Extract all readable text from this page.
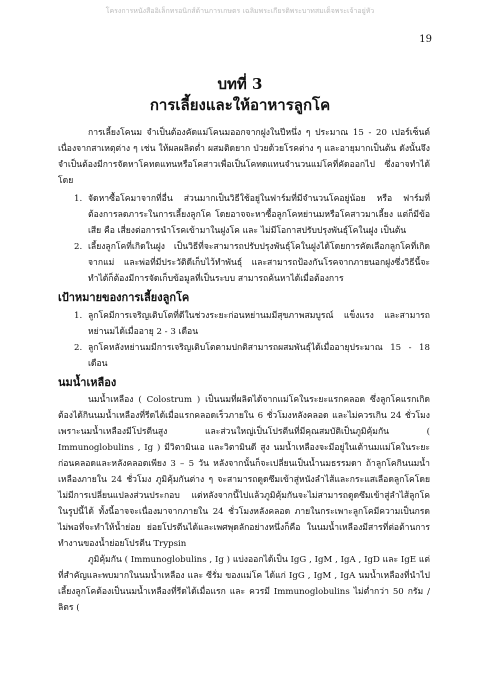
โครงการหนังสืออิเล็กทรอนิกส์ด้านการเกษตร เฉลิมพระเกียรติพระบาทสมเด็จพระเจ้าอยู่หัว
19
บทที่ 3
การเลี้ยงและให้อาหารลูกโค

การเลี้ยงโคนม จำเป็นต้องคัดแม่โคนมออกจากฝูงในปีหนึ่ง ๆ ประมาณ 15 - 20 เปอร์เซ็นต์ เนื่องจากสาเหตุต่าง ๆ เช่น ให้ผลผลิตต่ำ ผสมติดยาก ป่วยด้วยโรคต่าง ๆ และอายุมากเป็นต้น ดังนั้นจึงจำเป็นต้องมีการจัดหาโคทดแทนหรือโคสาวเพื่อเป็นโคทดแทนจำนวนแม่โคที่คัดออกไป ซึ่งอาจทำได้โดย

1. จัดหาซื้อโคมาจากที่อื่น ส่วนมากเป็นวิธีใช้อยู่ในฟาร์มที่มีจำนวนโคอยู่น้อย หรือ ฟาร์มที่ต้องการลดภาระในการเลี้ยงลูกโค โดยอาจจะหาซื้อลูกโคหย่านมหรือโคสาวมาเลี้ยง แต่ก็มีข้อเสีย คือ เสี่ยงต่อการนำโรคเข้ามาในฝูงโค และ ไม่มีโอกาสปรับปรุงพันธุ์โคในฝูง เป็นต้น
2. เลี้ยงลูกโคที่เกิดในฝูง เป็นวิธีที่จะสามารถปรับปรุงพันธุ์โคในฝูงได้โดยการคัดเลือกลูกโคที่เกิดจากแม่ และพ่อที่มีประวัติดีเก็บไว้ทำพันธุ์ และสามารถป้องกันโรคจากภายนอกฝูงซึ่งวิธีนี้จะทำได้ก็ต้องมีการจัดเก็บข้อมูลที่เป็นระบบ สามารถค้นหาได้เมื่อต้องการ
เป้าหมายของการเลี้ยงลูกโค
1. ลูกโคมีการเจริญเติบโตที่ดีในช่วงระยะก่อนหย่านมมีสุขภาพสมบูรณ์ แข็งแรง และสามารถหย่านมได้เมื่ออายุ 2 - 3 เดือน
2. ลูกโคหลังหย่านมมีการเจริญเติบโตตามปกติสามารถผสมพันธุ์ได้เมื่ออายุประมาณ 15 - 18 เดือน
นมน้ำเหลือง

นมน้ำเหลือง ( Colostrum ) เป็นนมที่ผลิตได้จากแม่โคในระยะแรกคลอด ซึ่งลูกโคแรกเกิดต้องได้กินนมน้ำเหลืองที่รีดได้เมื่อแรกคลอดเร็วภายใน 6 ชั่วโมงหลังคลอด และไม่ควรเกิน 24 ชั่วโมง เพราะนมน้ำเหลืองมีโปรตีนสูง และส่วนใหญ่เป็นโปรตีนที่มีคุณสมบัติเป็นภูมิคุ้มกัน ( Immunoglobulins , Ig ) มีวิตามินเอ และวิตามินดี สูง นมน้ำเหลืองจะมีอยู่ในเต้านมแม่โคในระยะก่อนคลอดและหลังคลอดเพียง 3 – 5 วัน หลังจากนั้นก็จะเปลี่ยนเป็นน้ำนมธรรมดา ถ้าลูกโคกินนมน้ำเหลืองภายใน 24 ชั่วโมง ภูมิคุ้มกันต่าง ๆ จะสามารถดูดซึมเข้าสู่หนังลำไส้และกระแสเลือดลูกโคโดยไม่มีการเปลี่ยนแปลงส่วนประกอบ แต่หลังจากนี้ไปแล้วภูมิคุ้มกันจะไม่สามารถดูดซึมเข้าสู่ลำไส้ลูกโคในรูปนี้ได้ ทั้งนี้อาจจะเนื่องมาจากภายใน 24 ชั่วโมงหลังคลอด ภายในกระเพาะลูกโคมีความเป็นกรดไม่พอที่จะทำให้น้ำย่อย ย่อยโปรตีนได้และเพศพุดลักอย่างหนึ่งก็คือ ในนมน้ำเหลืองมีสารที่ต่อต้านการทำงานของน้ำย่อยโปรตีน Trypsin

ภูมิคุ้มกัน ( Immunoglobulins , Ig ) แบ่งออกได้เป็น IgG , IgM , IgA , IgD และ IgE แต่ที่สำคัญและพบมากในนมน้ำเหลือง และ ซีรั่ม ของแม่โค ได้แก่ IgG , IgM , IgA นมน้ำเหลืองที่นำไปเลี้ยงลูกโคต้องเป็นนมน้ำเหลืองที่รีดได้เมื่อแรก และ ควรมี Immunoglobulins ไม่ต่ำกว่า 50 กรัม / ลิตร (
